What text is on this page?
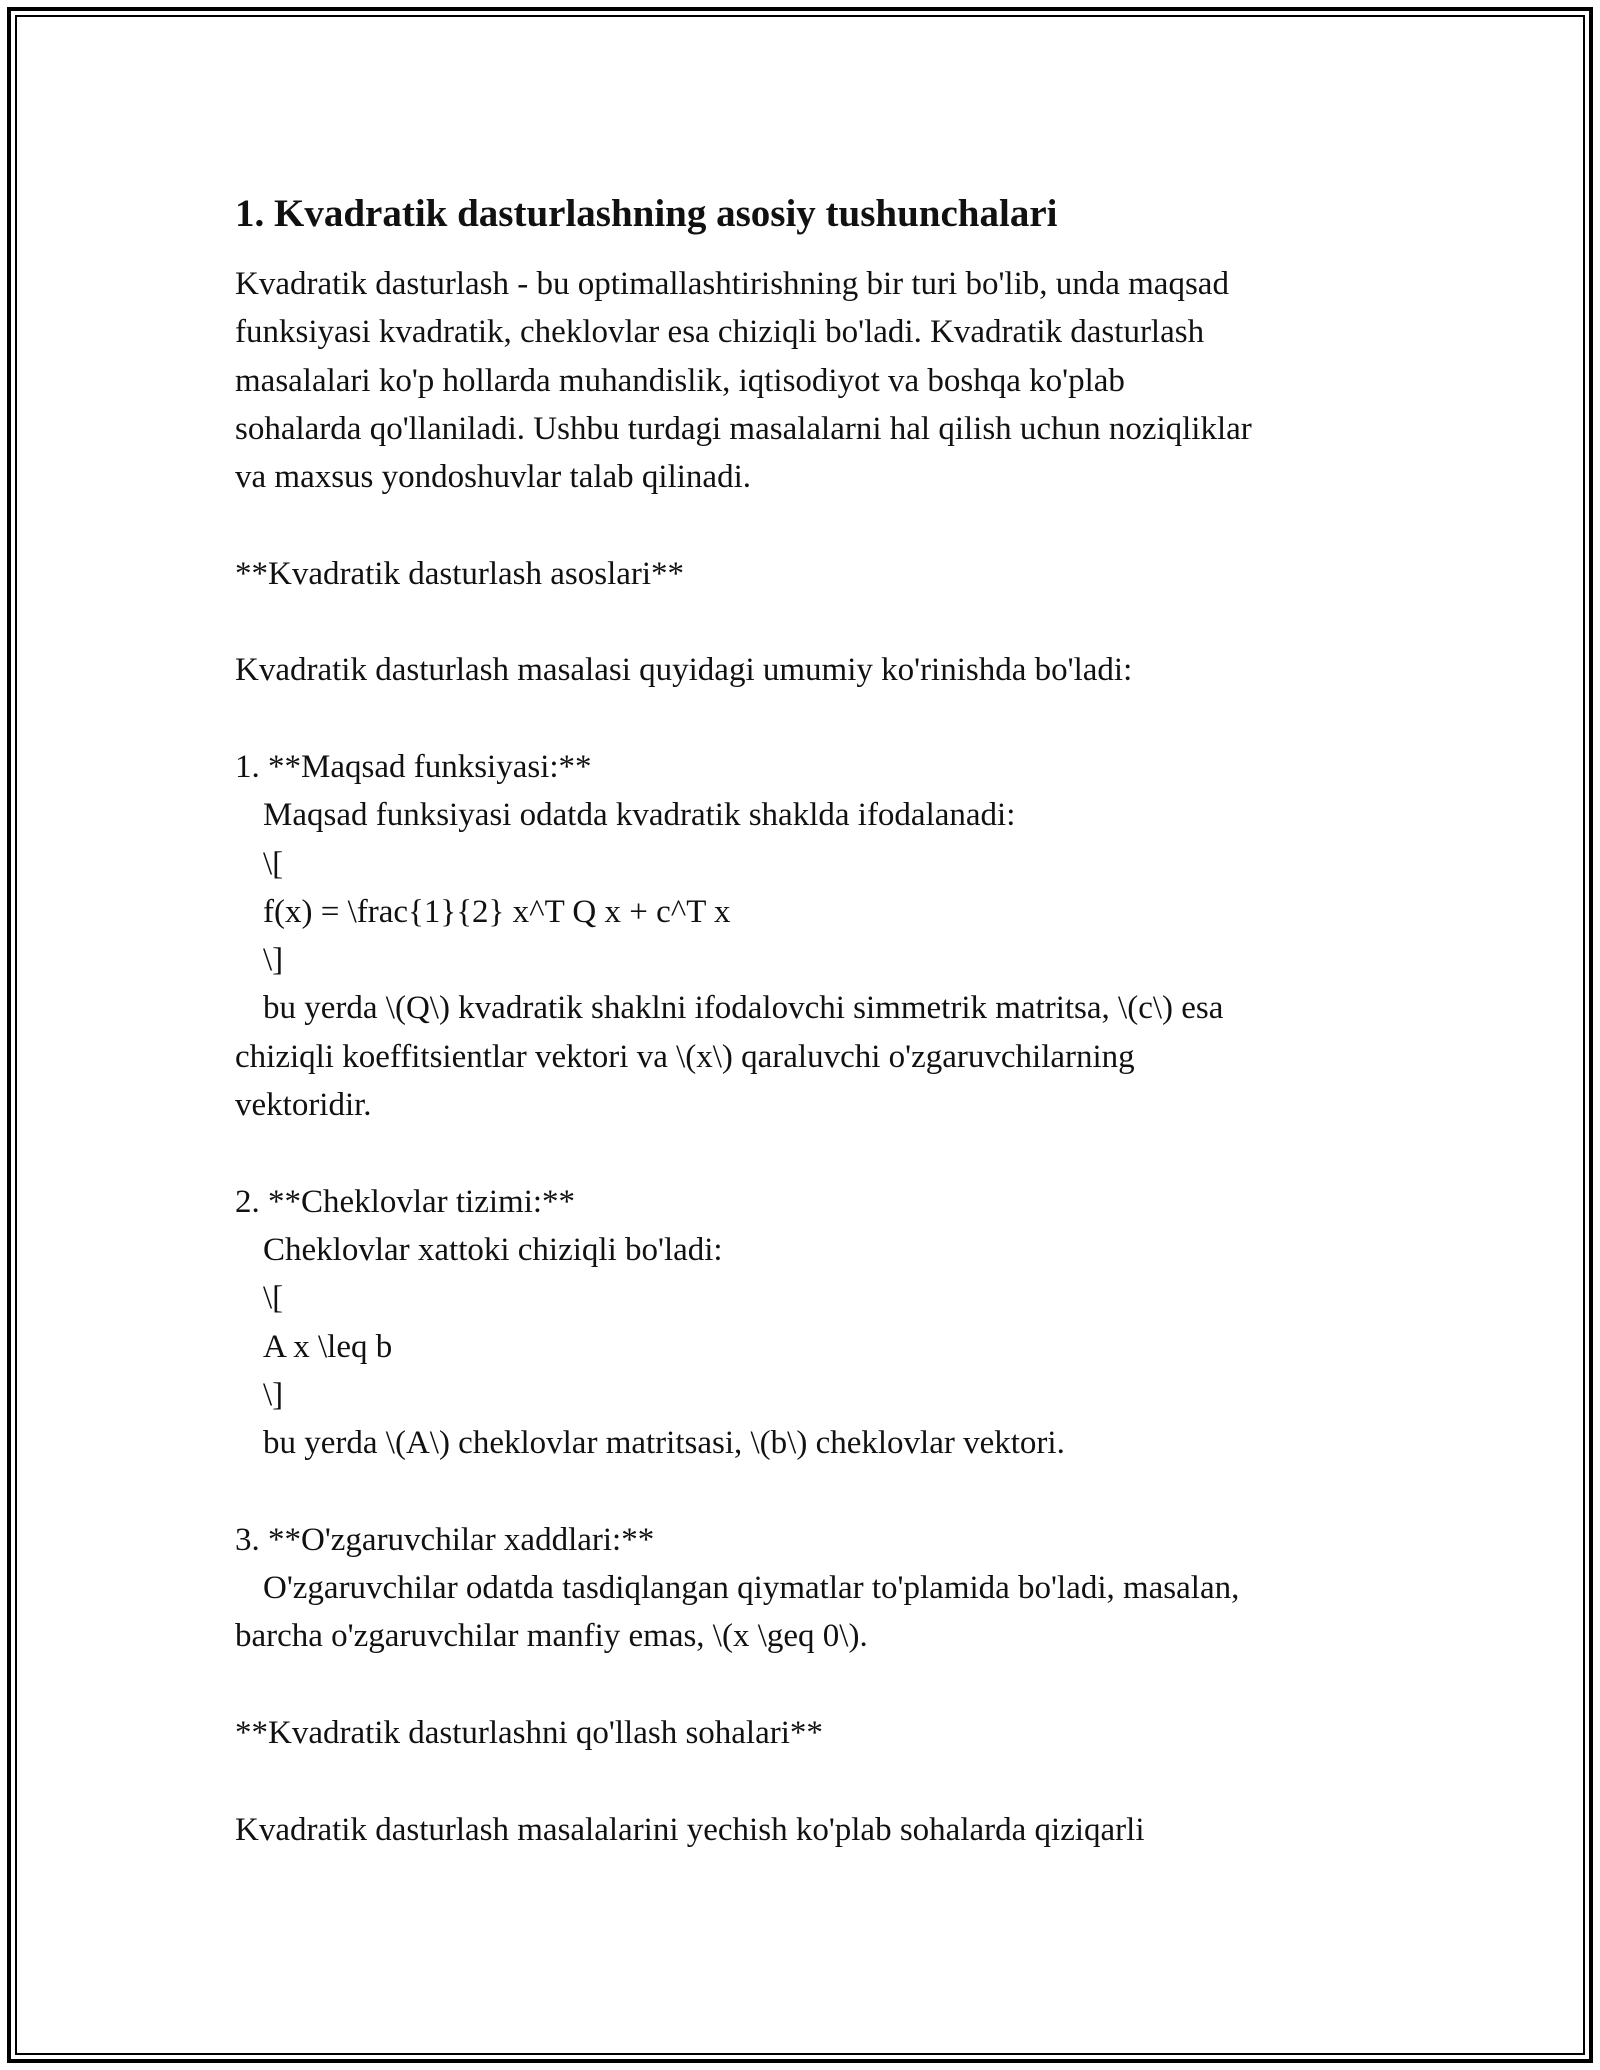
1. Kvadratik dasturlashning asosiy tushunchalari
Kvadratik dasturlash - bu optimallashtirishning bir turi bo'lib, unda maqsad
funksiyasi kvadratik, cheklovlar esa chiziqli bo'ladi. Kvadratik dasturlash
masalalari ko'p hollarda muhandislik, iqtisodiyot va boshqa ko'plab
sohalarda qo'llaniladi. Ushbu turdagi masalalarni hal qilish uchun noziqliklar
va maxsus yondoshuvlar talab qilinadi.
**Kvadratik dasturlash asoslari**
Kvadratik dasturlash masalasi quyidagi umumiy ko'rinishda bo'ladi:
1. **Maqsad funksiyasi:**
Maqsad funksiyasi odatda kvadratik shaklda ifodalanadi:
\[
f(x) = \frac{1}{2} x^T Q x + c^T x
\]
bu yerda \(Q\) kvadratik shaklni ifodalovchi simmetrik matritsa, \(c\) esa
chiziqli koeffitsientlar vektori va \(x\) qaraluvchi o'zgaruvchilarning
vektoridir.
2. **Cheklovlar tizimi:**
Cheklovlar xattoki chiziqli bo'ladi:
\[
A x \leq b
\]
bu yerda \(A\) cheklovlar matritsasi, \(b\) cheklovlar vektori.
3. **O'zgaruvchilar xaddlari:**
O'zgaruvchilar odatda tasdiqlangan qiymatlar to'plamida bo'ladi, masalan,
barcha o'zgaruvchilar manfiy emas, \(x \geq 0\).
**Kvadratik dasturlashni qo'llash sohalari**
Kvadratik dasturlash masalalarini yechish ko'plab sohalarda qiziqarli
